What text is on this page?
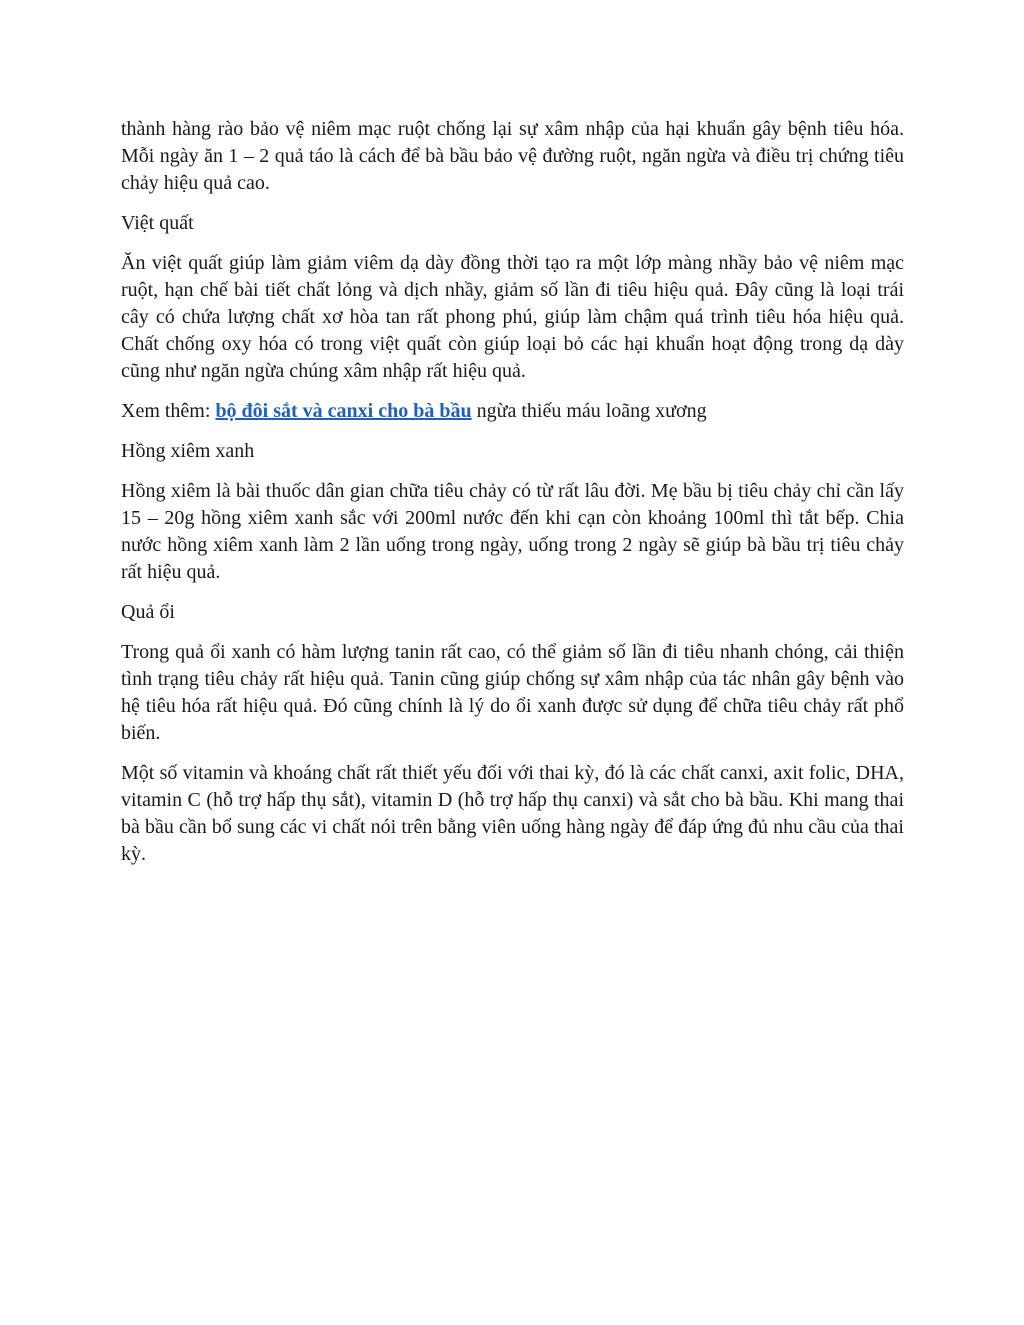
thành hàng rào bảo vệ niêm mạc ruột chống lại sự xâm nhập của hại khuẩn gây bệnh tiêu hóa. Mỗi ngày ăn 1 – 2 quả táo là cách để bà bầu bảo vệ đường ruột, ngăn ngừa và điều trị chứng tiêu chảy hiệu quả cao.

Việt quất

Ăn việt quất giúp làm giảm viêm dạ dày đồng thời tạo ra một lớp màng nhầy bảo vệ niêm mạc ruột, hạn chế bài tiết chất lỏng và dịch nhầy, giảm số lần đi tiêu hiệu quả. Đây cũng là loại trái cây có chứa lượng chất xơ hòa tan rất phong phú, giúp làm chậm quá trình tiêu hóa hiệu quả. Chất chống oxy hóa có trong việt quất còn giúp loại bỏ các hại khuẩn hoạt động trong dạ dày cũng như ngăn ngừa chúng xâm nhập rất hiệu quả.

Xem thêm: bộ đôi sắt và canxi cho bà bầu ngừa thiếu máu loãng xương

Hồng xiêm xanh

Hồng xiêm là bài thuốc dân gian chữa tiêu chảy có từ rất lâu đời. Mẹ bầu bị tiêu chảy chỉ cần lấy 15 – 20g hồng xiêm xanh sắc với 200ml nước đến khi cạn còn khoảng 100ml thì tắt bếp. Chia nước hồng xiêm xanh làm 2 lần uống trong ngày, uống trong 2 ngày sẽ giúp bà bầu trị tiêu chảy rất hiệu quả.

Quả ổi

Trong quả ổi xanh có hàm lượng tanin rất cao, có thể giảm số lần đi tiêu nhanh chóng, cải thiện tình trạng tiêu chảy rất hiệu quả. Tanin cũng giúp chống sự xâm nhập của tác nhân gây bệnh vào hệ tiêu hóa rất hiệu quả. Đó cũng chính là lý do ổi xanh được sử dụng để chữa tiêu chảy rất phổ biến.

Một số vitamin và khoáng chất rất thiết yếu đối với thai kỳ, đó là các chất canxi, axit folic, DHA, vitamin C (hỗ trợ hấp thụ sắt), vitamin D (hỗ trợ hấp thụ canxi) và sắt cho bà bầu. Khi mang thai bà bầu cần bổ sung các vi chất nói trên bằng viên uống hàng ngày để đáp ứng đủ nhu cầu của thai kỳ.
